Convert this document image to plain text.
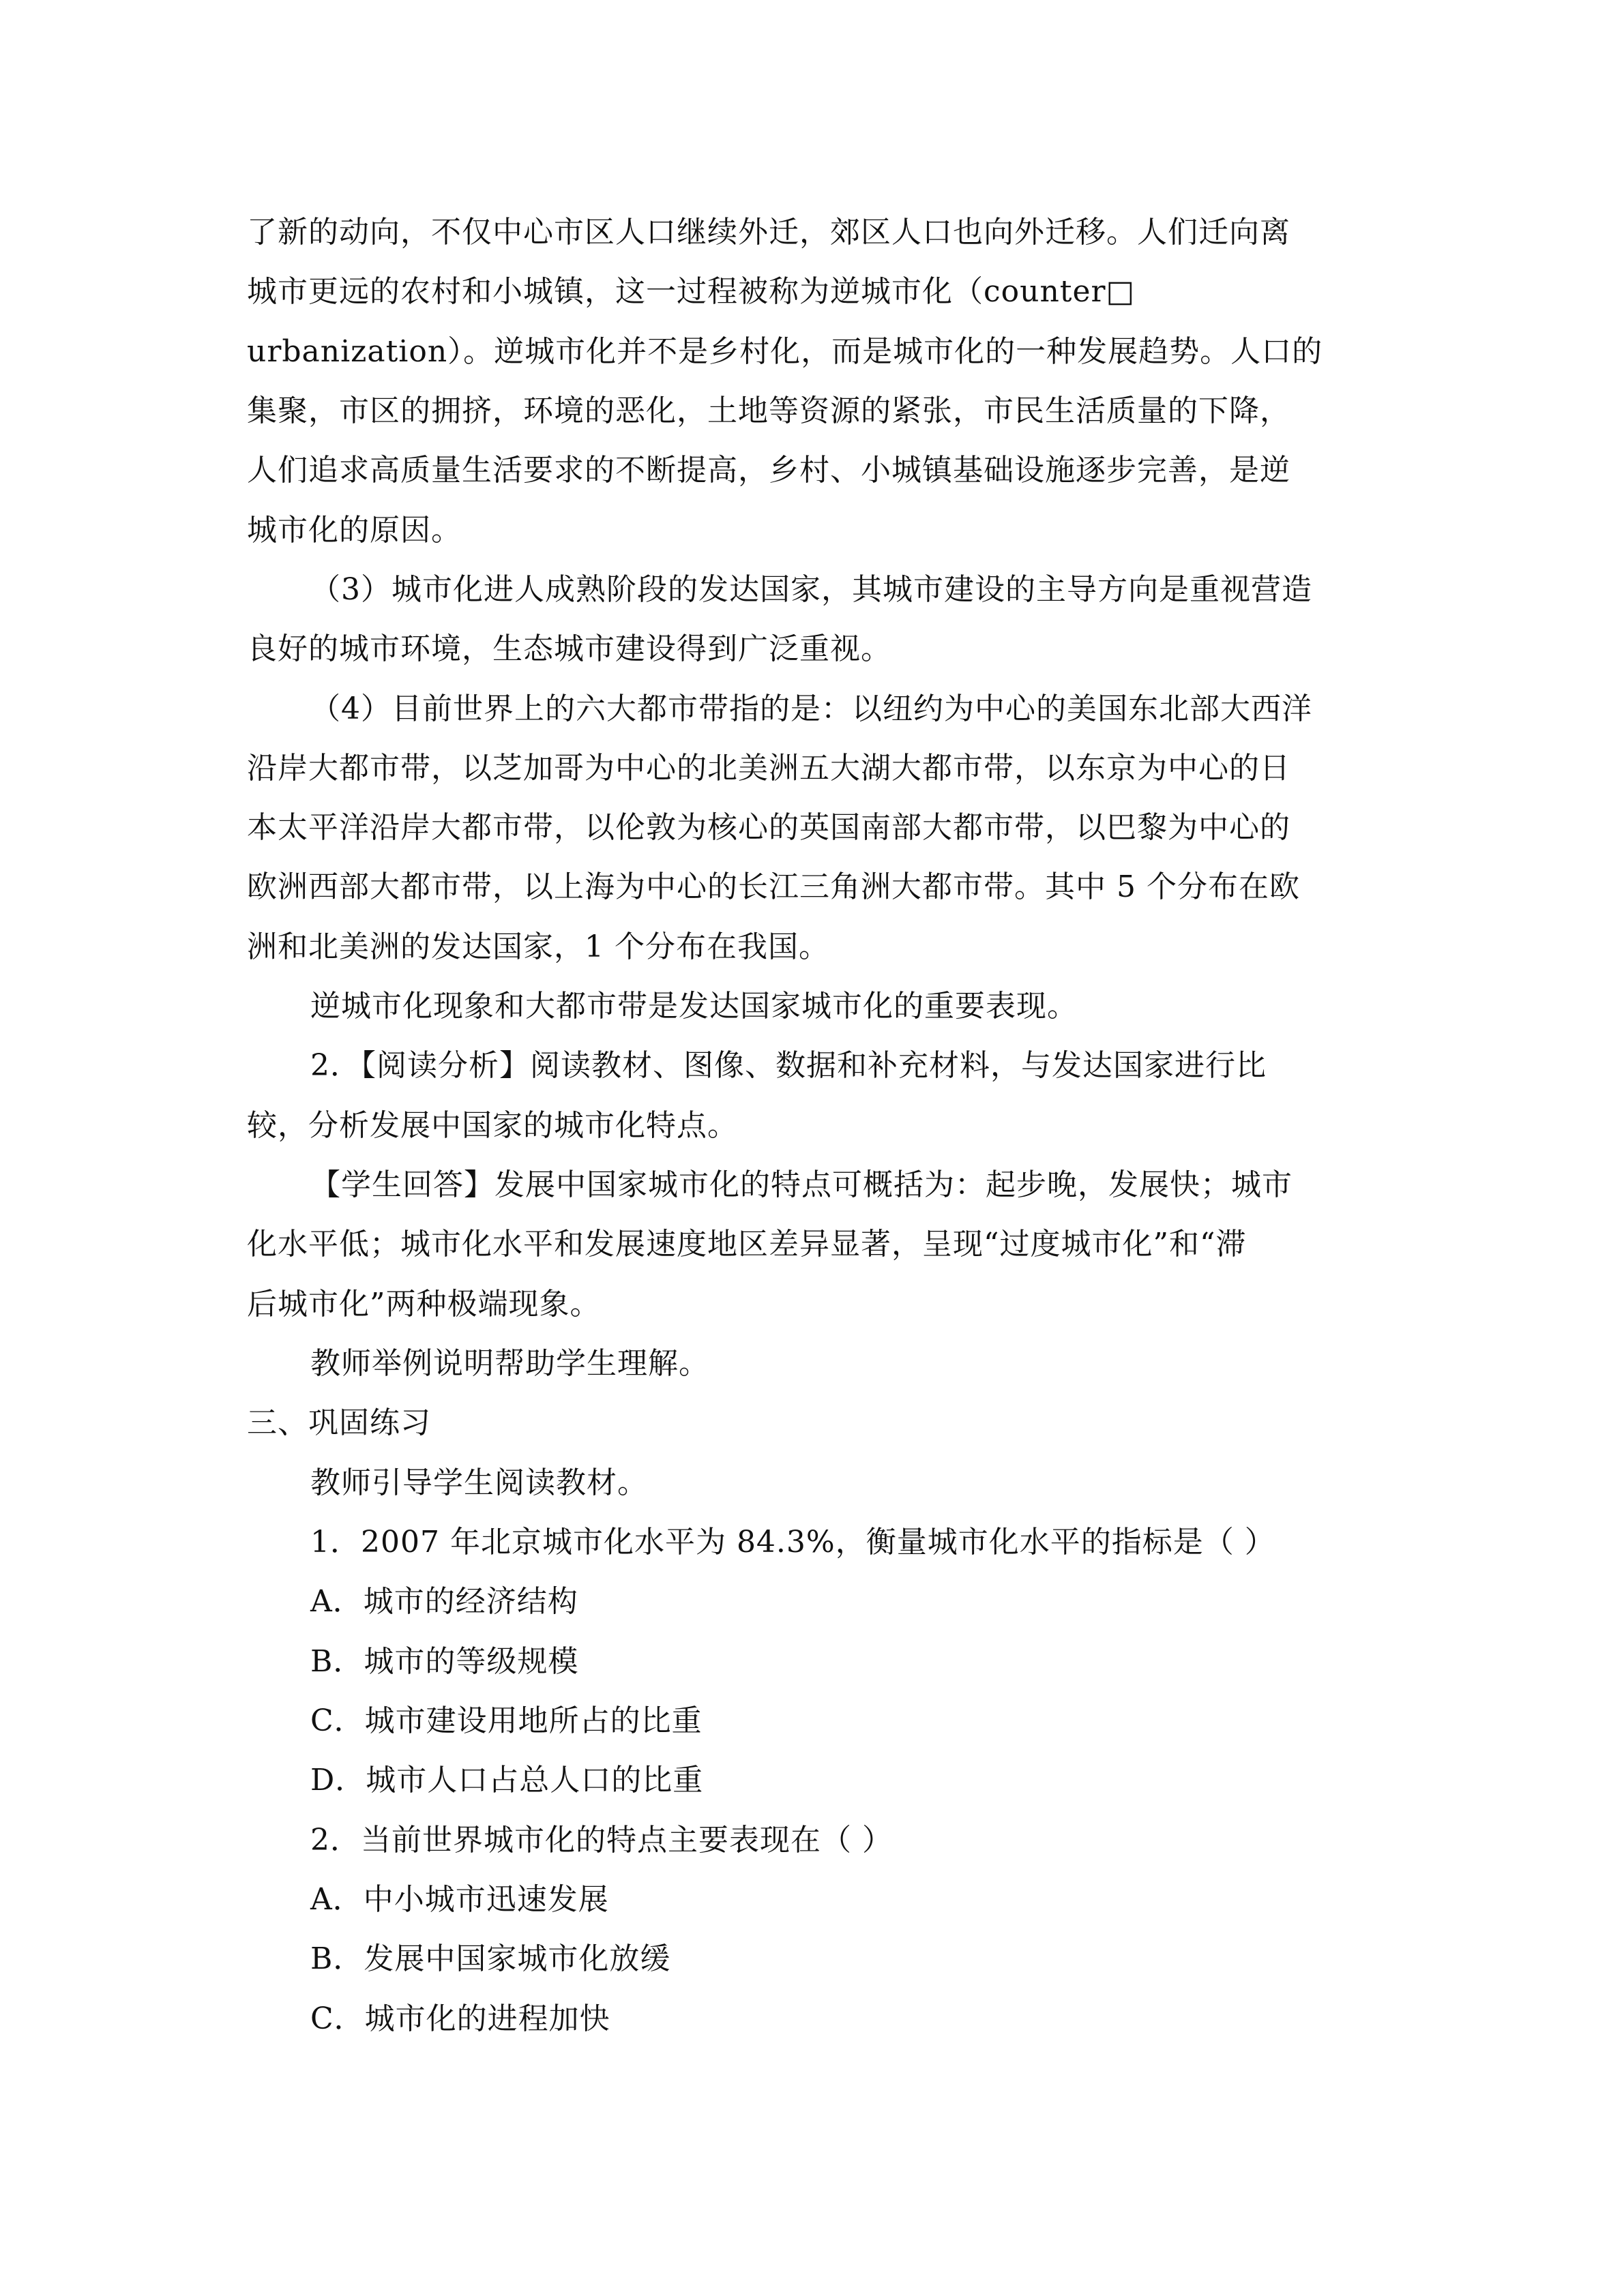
了新的动向，不仅中心市区人口继续外迁，郊区人口也向外迁移。人们迁向离
城市更远的农村和小城镇，这一过程被称为逆城市化（counter□
urbanization）。逆城市化并不是乡村化，而是城市化的一种发展趋势。人口的
集聚，市区的拥挤，环境的恶化，土地等资源的紧张，市民生活质量的下降，
人们追求高质量生活要求的不断提高，乡村、小城镇基础设施逐步完善，是逆
城市化的原因。
（3）城市化进人成熟阶段的发达国家，其城市建设的主导方向是重视营造
良好的城市环境，生态城市建设得到广泛重视。
（4）目前世界上的六大都市带指的是：以纽约为中心的美国东北部大西洋
沿岸大都市带，以芝加哥为中心的北美洲五大湖大都市带，以东京为中心的日
本太平洋沿岸大都市带，以伦敦为核心的英国南部大都市带，以巴黎为中心的
欧洲西部大都市带，以上海为中心的长江三角洲大都市带。其中 5 个分布在欧
洲和北美洲的发达国家，1 个分布在我国。
逆城市化现象和大都市带是发达国家城市化的重要表现。
2．【阅读分析】阅读教材、图像、数据和补充材料，与发达国家进行比
较，分析发展中国家的城市化特点。
【学生回答】发展中国家城市化的特点可概括为：起步晚，发展快；城市
化水平低；城市化水平和发展速度地区差异显著，呈现“过度城市化”和“滞
后城市化”两种极端现象。
教师举例说明帮助学生理解。
三、巩固练习
教师引导学生阅读教材。
1．2007 年北京城市化水平为 84.3%，衡量城市化水平的指标是（ ）
A．城市的经济结构
B．城市的等级规模
C．城市建设用地所占的比重
D．城市人口占总人口的比重
2．当前世界城市化的特点主要表现在（ ）
A．中小城市迅速发展
B．发展中国家城市化放缓
C．城市化的进程加快
